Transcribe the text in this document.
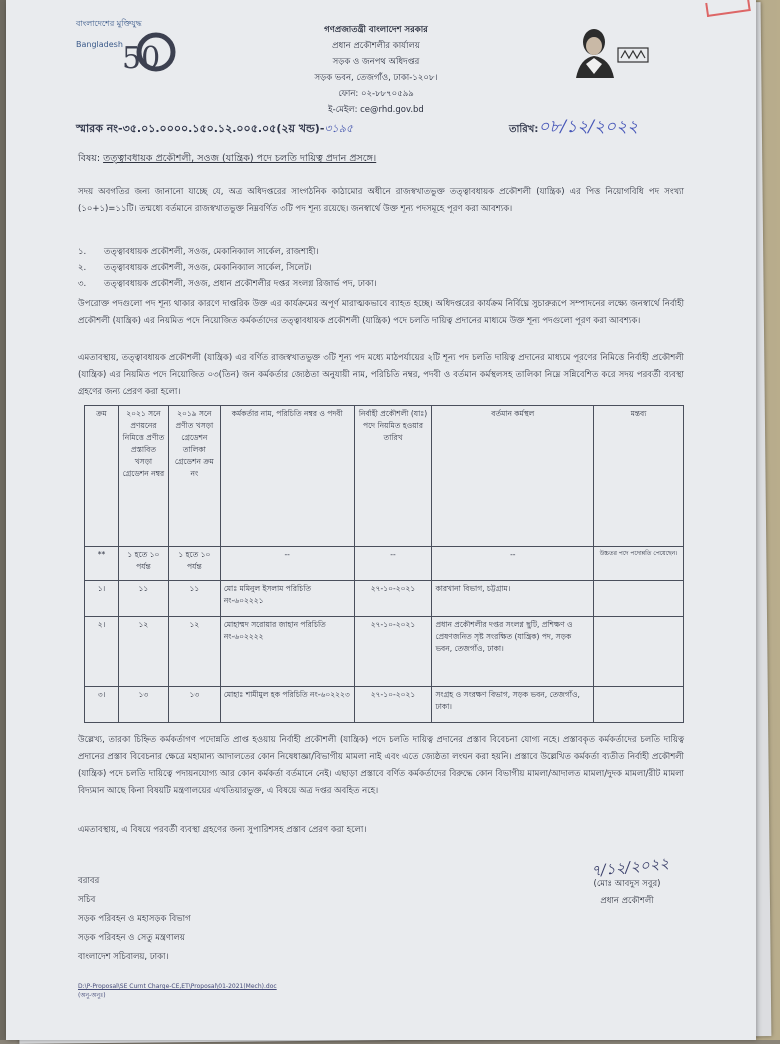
বাংলাদেশের মুক্তিযুদ্ধ
Bangladesh 50
গণপ্রজাতন্ত্রী বাংলাদেশ সরকার
প্রধান প্রকৌশলীর কার্যালয়
সড়ক ও জনপথ অধিদপ্তর
সড়ক ভবন, তেজগাঁও, ঢাকা-১২০৮।
ফোন: ০২-৮৮৭০৫৯৯
ই-মেইল: ce@rhd.gov.bd
স্মারক নং-৩৫.০১.০০০০.১৫০.১২.০০৫.০৫(২য় খন্ড)-৩১৯৫	তারিখ:০৮/১২/২০২২
বিষয়: তত্ত্বাবধায়ক প্রকৌশলী, সওজ (যান্ত্রিক) পদে চলতি দায়িত্ব প্রদান প্রসঙ্গে।
সদয় অবগতির জন্য জানানো যাচ্ছে যে, অত্র অধিদপ্তরের সাংগঠনিক কাঠামোর অধীনে রাজস্বখাতভুক্ত তত্ত্বাবধায়ক প্রকৌশলী (যান্ত্রিক) এর পিত্ত নিয়োগবিধি পদ সংখ্যা (১০+১)=১১টি। তন্মধ্যে বর্তমানে রাজস্বখাতভুক্ত নিম্নবর্ণিত ৩টি পদ শূন্য রয়েছে। জনস্বার্থে উক্ত শূন্য পদসমূহে পূরণ করা আবশ্যক।
১. তত্ত্বাবধায়ক প্রকৌশলী, সওজ, মেকানিক্যাল সার্কেল, রাজশাহী।
২. তত্ত্বাবধায়ক প্রকৌশলী, সওজ, মেকানিক্যাল সার্কেল, সিলেট।
৩. তত্ত্বাবধায়ক প্রকৌশলী, সওজ, প্রধান প্রকৌশলীর দপ্তর সংলগ্ন রিজার্ভ পদ, ঢাকা।
উপরোক্ত পদগুলো পদ শূন্য থাকার কারণে দাপ্তরিক উক্ত এর কার্যক্রমের অপূর্ণ মারাত্মকভাবে ব্যাহত হচ্ছে। অধিদপ্তরের কার্যক্রম নির্বিঘ্নে সুচারুরূপে সম্পাদনের লক্ষ্যে জনস্বার্থে নির্বাহী প্রকৌশলী (যান্ত্রিক) এর নিয়মিত পদে নিয়োজিত কর্মকর্তাদের তত্ত্বাবধায়ক প্রকৌশলী (যান্ত্রিক) পদে চলতি দায়িত্ব প্রদানের মাধ্যমে উক্ত শূন্য পদগুলো পূরণ করা আবশ্যক।
এমতাবস্থায়, তত্ত্বাবধায়ক প্রকৌশলী (যান্ত্রিক) এর বর্ণিত রাজস্বখাতভুক্ত ৩টি শূন্য পদ মধ্যে মাঠপর্যায়ের ২টি শূন্য পদ চলতি দায়িত্ব প্রদানের মাধ্যমে পূরণের নিমিত্তে নির্বাহী প্রকৌশলী (যান্ত্রিক) এর নিয়মিত পদে নিয়োজিত ০৩(তিন) জন কর্মকর্তার জ্যেষ্ঠতা অনুযায়ী নাম, পরিচিতি নম্বর, পদবী ও বর্তমান কর্মস্থলসহ তালিকা নিম্নে সন্নিবেশিত করে সদয় পরবর্তী ব্যবস্থা গ্রহণের জন্য প্রেরণ করা হলো।
ক্রম	২০২১ সনে প্রণয়নের নিমিত্তে প্রণীত প্রস্তাবিত খসড়া গ্রেডেশন নম্বর	২০১৯ সনে প্রণীত খসড়া গ্রেডেশন তালিকা গ্রেডেশন ক্রম নং	কর্মকর্তার নাম, পরিচিতি নম্বর ও পদবী	নির্বাহী প্রকৌশলী (যাঃ) পদে নিয়মিত হওয়ার তারিখ	বর্তমান কর্মস্থল	মন্তব্য
**	১ হতে ১০ পর্যন্ত	১ হতে ১০ পর্যন্ত	--	--	--	উচ্চতর পদে পদোন্নতি পেয়েছেন।
১।	১১	১১	মোঃ মমিনুল ইসলাম পরিচিতি নং-৬০২২২১	২৭-১০-২০২১	কারখানা বিভাগ, চট্টগ্রাম।	
২।	১২	১২	মোহাম্মদ সরোয়ার জাহান পরিচিতি নং-৬০২২২২	২৭-১০-২০২১	প্রধান প্রকৌশলীর দপ্তর সংলগ্ন ছুটি, প্রশিক্ষণ ও প্রেষণজনিত সৃষ্ট সংরক্ষিত (যান্ত্রিক) পদ, সড়ক ভবন, তেজগাঁও, ঢাকা।	
৩।	১৩	১৩	মোহাঃ শামীমুল হক পরিচিতি নং-৬০২২২৩	২৭-১০-২০২১	সংগ্রহ ও সংরক্ষণ বিভাগ, সড়ক ভবন, তেজগাঁও, ঢাকা।	
উল্লেখ্য, তারকা চিহ্নিত কর্মকর্তাগণ পদোন্নতি প্রাপ্ত হওয়ায় নির্বাহী প্রকৌশলী (যান্ত্রিক) পদে চলতি দায়িত্ব প্রদানের প্রস্তাব বিবেচনা যোগ্য নহে। প্রস্তাবকৃত কর্মকর্তাদের চলতি দায়িত্ব প্রদানের প্রস্তাব বিবেচনার ক্ষেত্রে মহামান্য আদালতের কোন নিষেধাজ্ঞা/বিভাগীয় মামলা নাই এবং এতে জ্যেষ্ঠতা লংঘন করা হয়নি। প্রস্তাবে উল্লেখিত কর্মকর্তা ব্যতীত নির্বাহী প্রকৌশলী (যান্ত্রিক) পদে চলতি দায়িত্বে পদায়নযোগ্য আর কোন কর্মকর্তা বর্তমানে নেই। এছাড়া প্রস্তাবে বর্ণিত কর্মকর্তাদের বিরুদ্ধে কোন বিভাগীয় মামলা/আদালত মামলা/দুদক মামলা/রীট মামলা বিদ্যমান আছে কিনা বিষয়টি মন্ত্রণালয়ের এখতিয়ারভুক্ত, এ বিষয়ে অত্র দপ্তর অবহিত নহে।
এমতাবস্থায়, এ বিষয়ে পরবর্তী ব্যবস্থা গ্রহণের জন্য সুপারিশসহ প্রস্তাব প্রেরণ করা হলো।
৭/১২/২০২২
(মোঃ আবদুস সবুর)
প্রধান প্রকৌশলী
বরাবর
সচিব
সড়ক পরিবহন ও মহাসড়ক বিভাগ
সড়ক পরিবহন ও সেতু মন্ত্রণালয়
বাংলাদেশ সচিবালয়, ঢাকা।
D:\P-Proposal\SE Curnt Charge-CE,ET\Proposal\01-2021(Mech).doc
(অনু-অনুঃ)
